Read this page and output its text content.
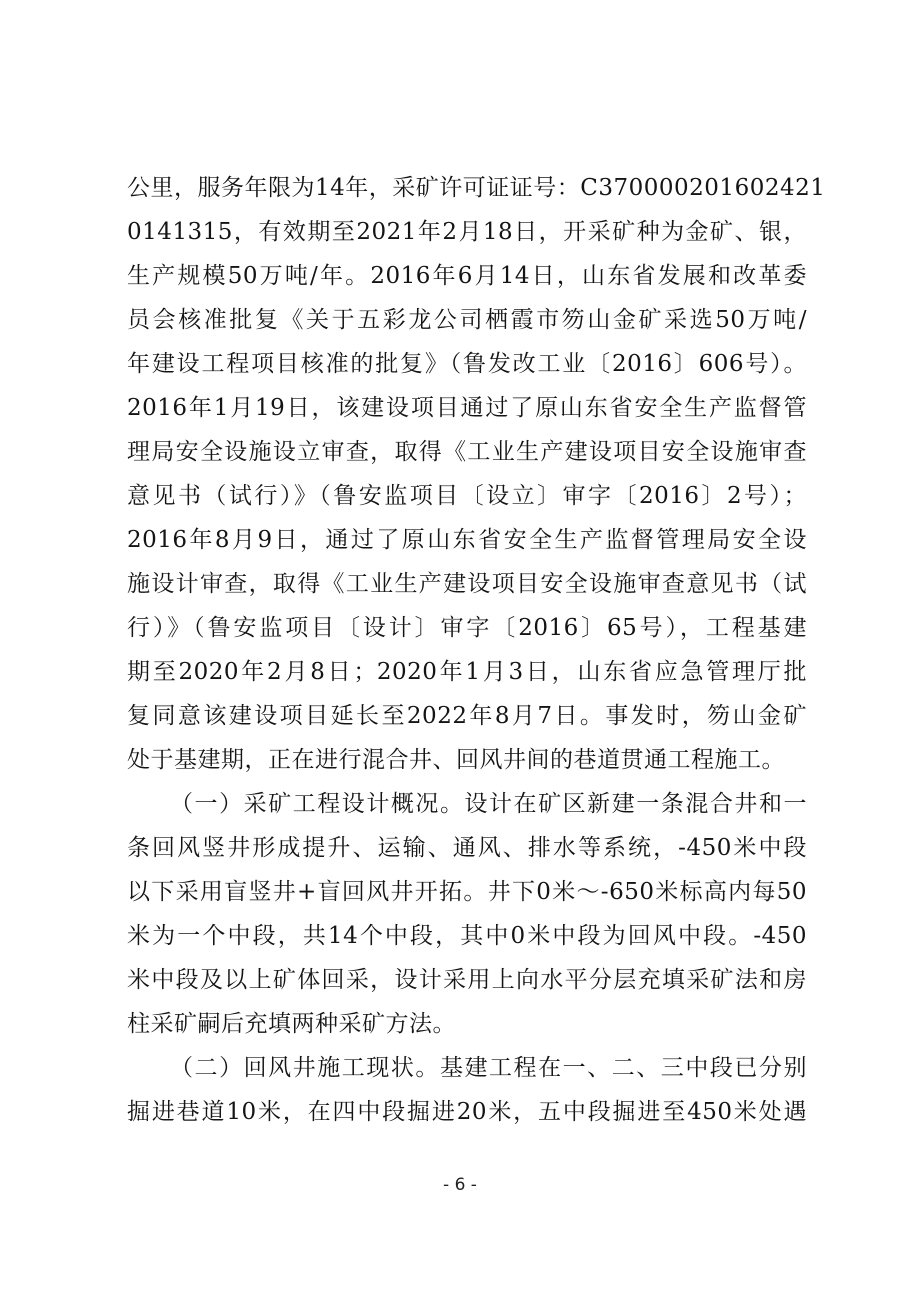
公里，服务年限为14年，采矿许可证证号：C370000201602421
0141315，有效期至2021年2月18日，开采矿种为金矿、银，
生产规模50万吨/年。2016年6月14日，山东省发展和改革委
员会核准批复《关于五彩龙公司栖霞市笏山金矿采选50万吨/
年建设工程项目核准的批复》（鲁发改工业〔2016〕606号）。
2016年1月19日，该建设项目通过了原山东省安全生产监督管
理局安全设施设立审查，取得《工业生产建设项目安全设施审查
意见书（试行）》（鲁安监项目〔设立〕审字〔2016〕2号）；
2016年8月9日，通过了原山东省安全生产监督管理局安全设
施设计审查，取得《工业生产建设项目安全设施审查意见书（试
行）》（鲁安监项目〔设计〕审字〔2016〕65号），工程基建
期至2020年2月8日；2020年1月3日，山东省应急管理厅批
复同意该建设项目延长至2022年8月7日。事发时，笏山金矿
处于基建期，正在进行混合井、回风井间的巷道贯通工程施工。
（一）采矿工程设计概况。设计在矿区新建一条混合井和一
条回风竖井形成提升、运输、通风、排水等系统，-450米中段
以下采用盲竖井+盲回风井开拓。井下0米～-650米标高内每50
米为一个中段，共14个中段，其中0米中段为回风中段。-450
米中段及以上矿体回采，设计采用上向水平分层充填采矿法和房
柱采矿嗣后充填两种采矿方法。
（二）回风井施工现状。基建工程在一、二、三中段已分别
掘进巷道10米，在四中段掘进20米，五中段掘进至450米处遇
- 6 -
